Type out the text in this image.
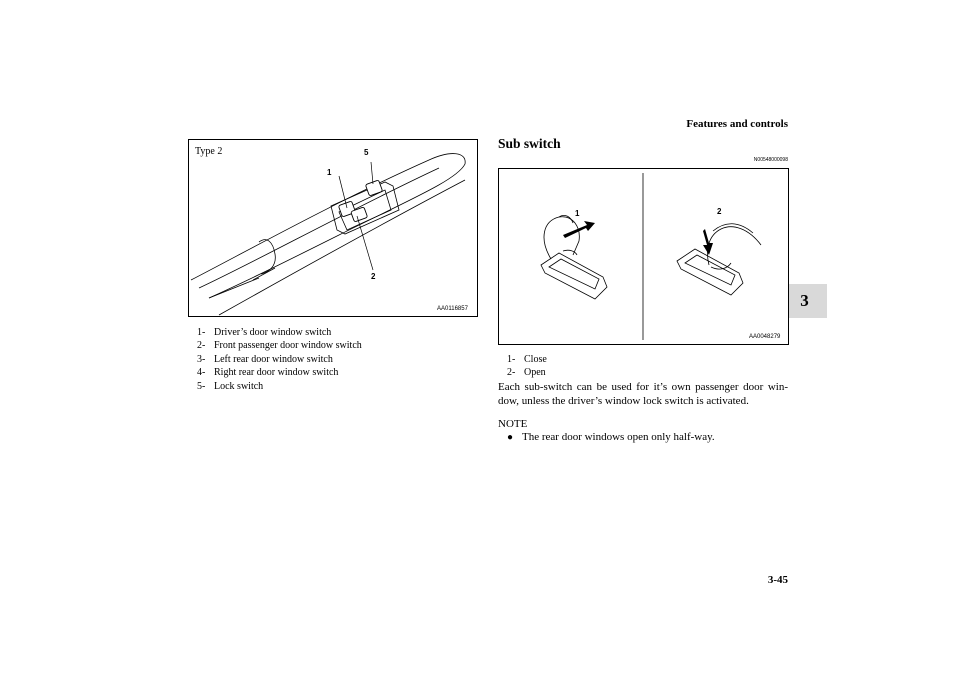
Features and controls
3
Type 2
1
5
2
AA0116857
1- Driver’s door window switch
2- Front passenger door window switch
3- Left rear door window switch
4- Right rear door window switch
5- Lock switch
Sub switch
N00548000098
1	2
AA0048279
1- Close
2- Open
Each sub-switch can be used for it’s own passenger door win-dow, unless the driver’s window lock switch is activated.
NOTE
● The rear door windows open only half-way.
3-45
